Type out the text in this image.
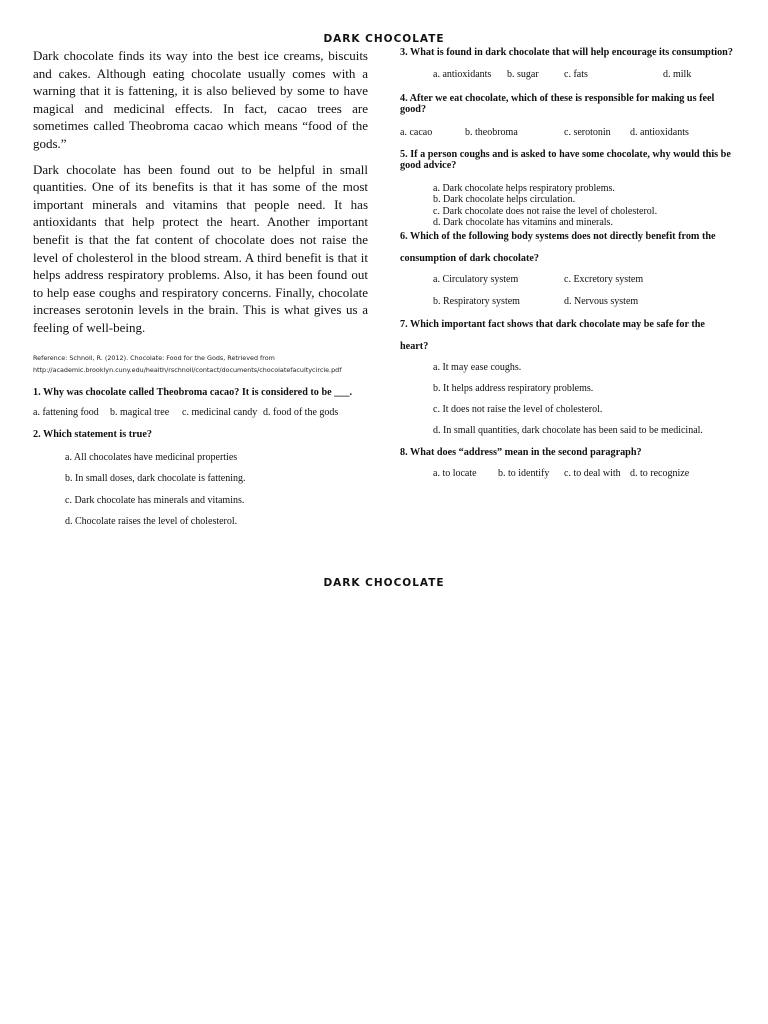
DARK CHOCOLATE

Dark chocolate finds its way into the best ice creams, biscuits and cakes. Although eating chocolate usually comes with a warning that it is fattening, it is also believed by some to have magical and medicinal effects. In fact, cacao trees are sometimes called Theobroma cacao which means “food of the gods.”

Dark chocolate has been found out to be helpful in small quantities. One of its benefits is that it has some of the most important minerals and vitamins that people need. It has antioxidants that help protect the heart. Another important benefit is that the fat content of chocolate does not raise the level of cholesterol in the blood stream. A third benefit is that it helps address respiratory problems. Also, it has been found out to help ease coughs and respiratory concerns. Finally, chocolate increases serotonin levels in the brain. This is what gives us a feeling of well-being.

Reference: Schnoll, R. (2012). Chocolate: Food for the Gods, Retrieved from
http://academic.brooklyn.cuny.edu/health/rschnoll/contact/documents/chocolatefacultycircle.pdf
1. Why was chocolate called Theobroma cacao? It is considered to be ___.
a. fattening food	b. magical tree	c. medicinal candy d. food of the gods
2. Which statement is true?
a. All chocolates have medicinal properties
b. In small doses, dark chocolate is fattening.
c. Dark chocolate has minerals and vitamins.
d. Chocolate raises the level of cholesterol.
3. What is found in dark chocolate that will help encourage its consumption?
a. antioxidants	b. sugar	c. fats	d. milk
4. After we eat chocolate, which of these is responsible for making us feel good?
a. cacao	b. theobroma	c. serotonin	d. antioxidants
5. If a person coughs and is asked to have some chocolate, why would this be good advice?
a. Dark chocolate helps respiratory problems.
b. Dark chocolate helps circulation.
c. Dark chocolate does not raise the level of cholesterol.
d. Dark chocolate has vitamins and minerals.
6. Which of the following body systems does not directly benefit from the
consumption of dark chocolate?
a. Circulatory system	c. Excretory system
b. Respiratory system	d. Nervous system
7. Which important fact shows that dark chocolate may be safe for the
heart?
a. It may ease coughs.
b. It helps address respiratory problems.
c. It does not raise the level of cholesterol.
d. In small quantities, dark chocolate has been said to be medicinal.
8. What does “address” mean in the second paragraph?
a. to locate	b. to identify	c. to deal with d. to recognize
DARK CHOCOLATE
